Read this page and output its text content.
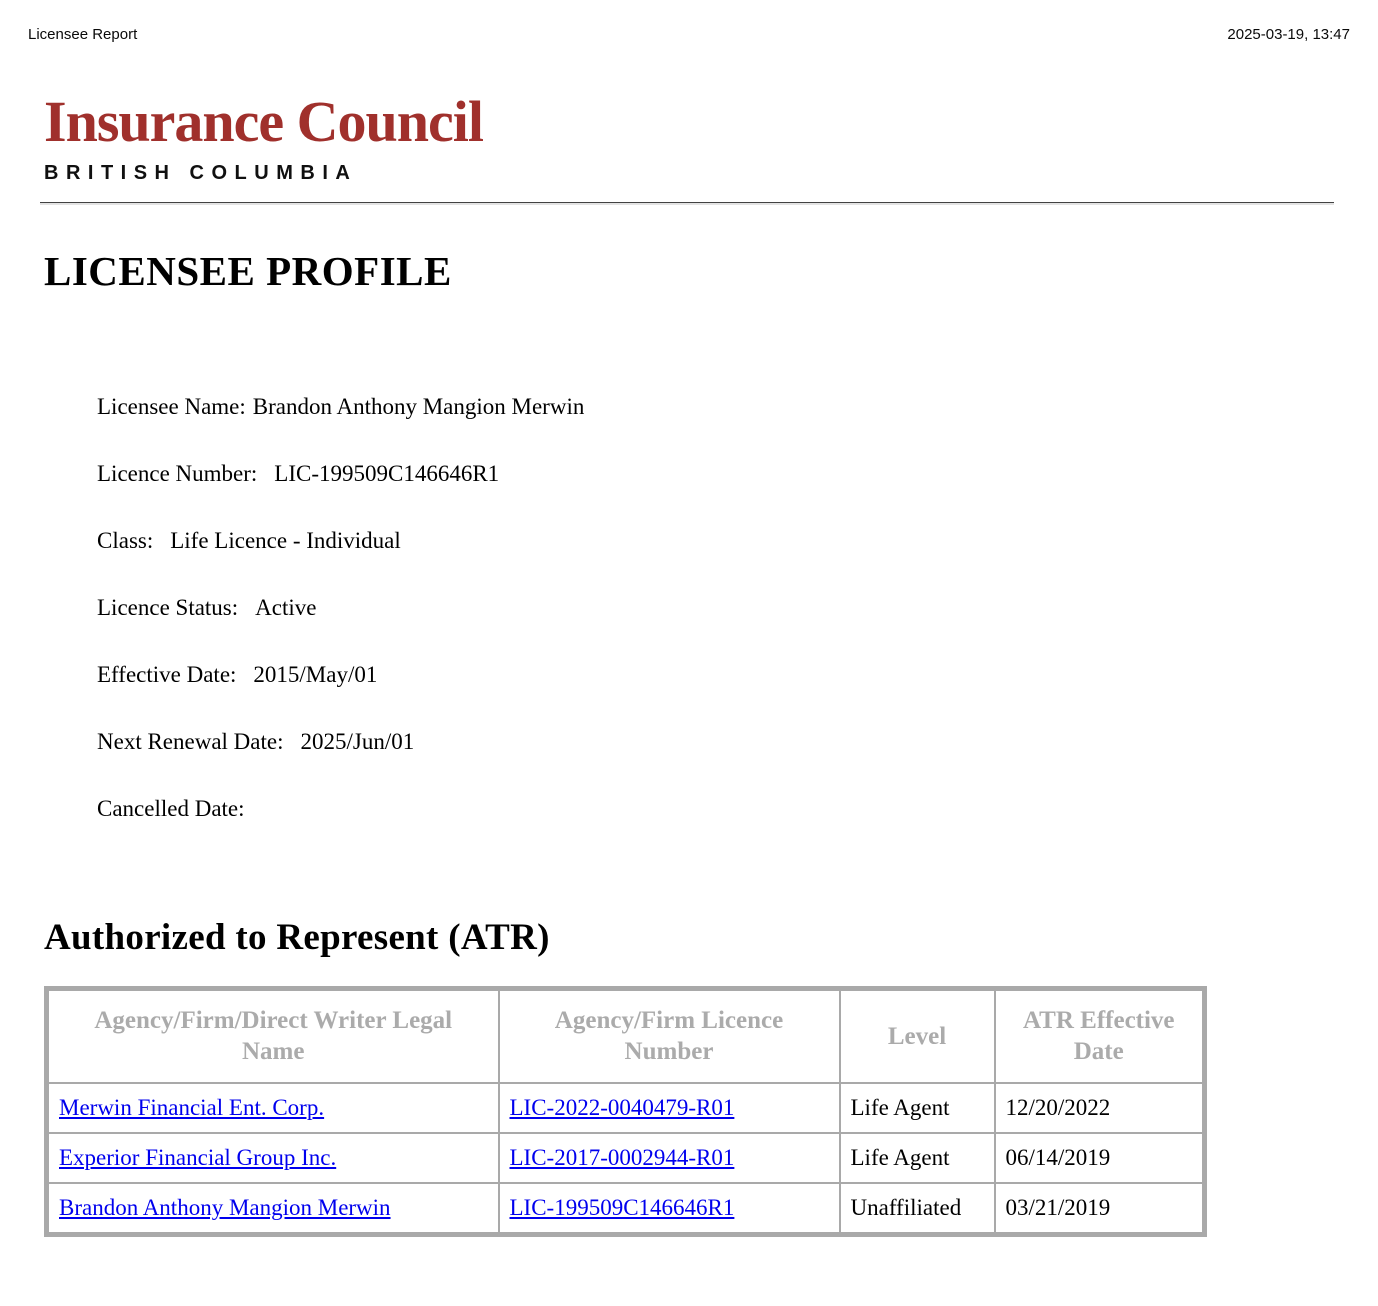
Licensee Report	2025-03-19, 13:47
Insurance Council
BRITISH COLUMBIA
LICENSEE PROFILE
Licensee Name: Brandon Anthony Mangion Merwin
Licence Number: LIC-199509C146646R1
Class: Life Licence - Individual
Licence Status: Active
Effective Date: 2015/May/01
Next Renewal Date: 2025/Jun/01
Cancelled Date:
Authorized to Represent (ATR)
Agency/Firm/Direct Writer Legal Name	Agency/Firm Licence Number	Level	ATR Effective Date
Merwin Financial Ent. Corp.	LIC-2022-0040479-R01	Life Agent	12/20/2022
Experior Financial Group Inc.	LIC-2017-0002944-R01	Life Agent	06/14/2019
Brandon Anthony Mangion Merwin	LIC-199509C146646R1	Unaffiliated	03/21/2019
